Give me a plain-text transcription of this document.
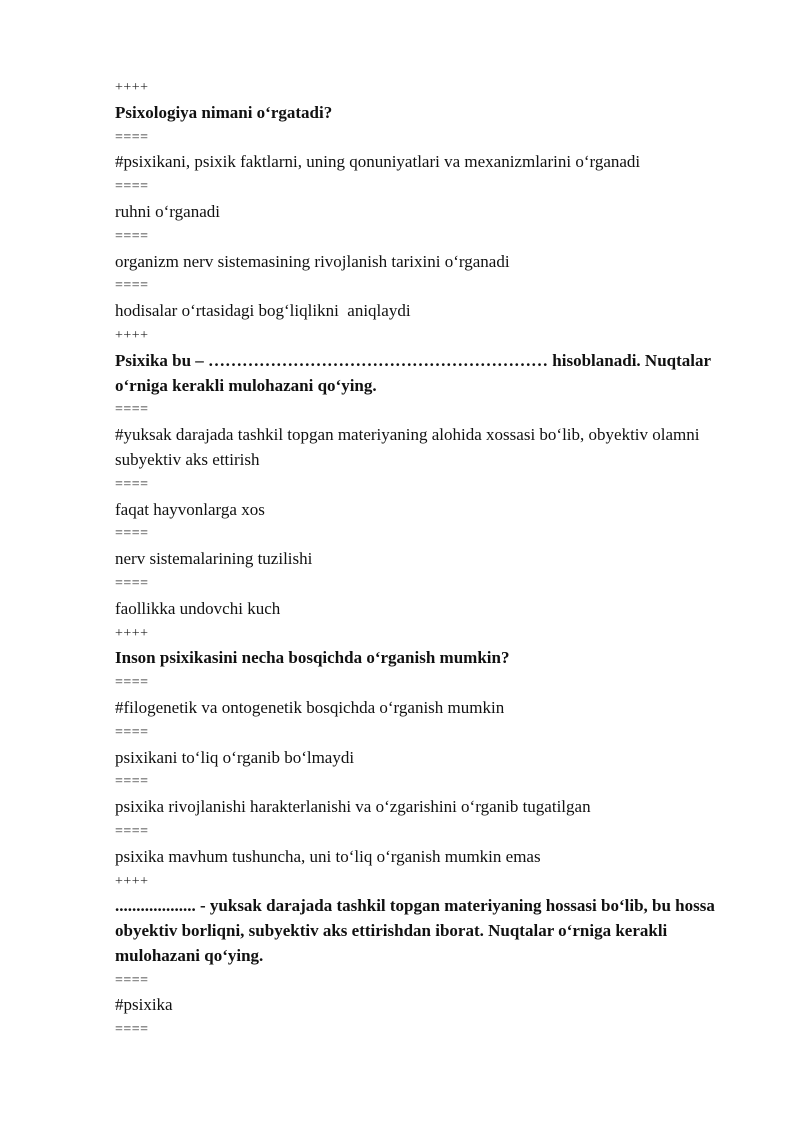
++++

Psixologiya nimani o‘rgatadi?

====

#psixikani, psixik faktlarni, uning qonuniyatlari va mexanizmlarini o‘rganadi

====

ruhni o‘rganadi

====

organizm nerv sistemasining rivojlanish tarixini o‘rganadi

====

hodisalar o‘rtasidagi bog‘liqlikni  aniqlaydi

++++

Psixika bu – …………………………………………………… hisoblanadi. Nuqtalar o‘rniga kerakli mulohazani qo‘ying.

====

#yuksak darajada tashkil topgan materiyaning alohida xossasi bo‘lib, obyektiv olamni subyektiv aks ettirish

====

faqat hayvonlarga xos

====

nerv sistemalarining tuzilishi

====

faollikka undovchi kuch

++++

Inson psixikasini necha bosqichda o‘rganish mumkin?

====

#filogenetik va ontogenetik bosqichda o‘rganish mumkin

====

psixikani to‘liq o‘rganib bo‘lmaydi

====

psixika rivojlanishi harakterlanishi va o‘zgarishini o‘rganib tugatilgan

====

psixika mavhum tushuncha, uni to‘liq o‘rganish mumkin emas

++++

................... - yuksak darajada tashkil topgan materiyaning hossasi bo‘lib, bu hossa obyektiv borliqni, subyektiv aks ettirishdan iborat. Nuqtalar o‘rniga kerakli mulohazani qo‘ying.

====

#psixika

====
